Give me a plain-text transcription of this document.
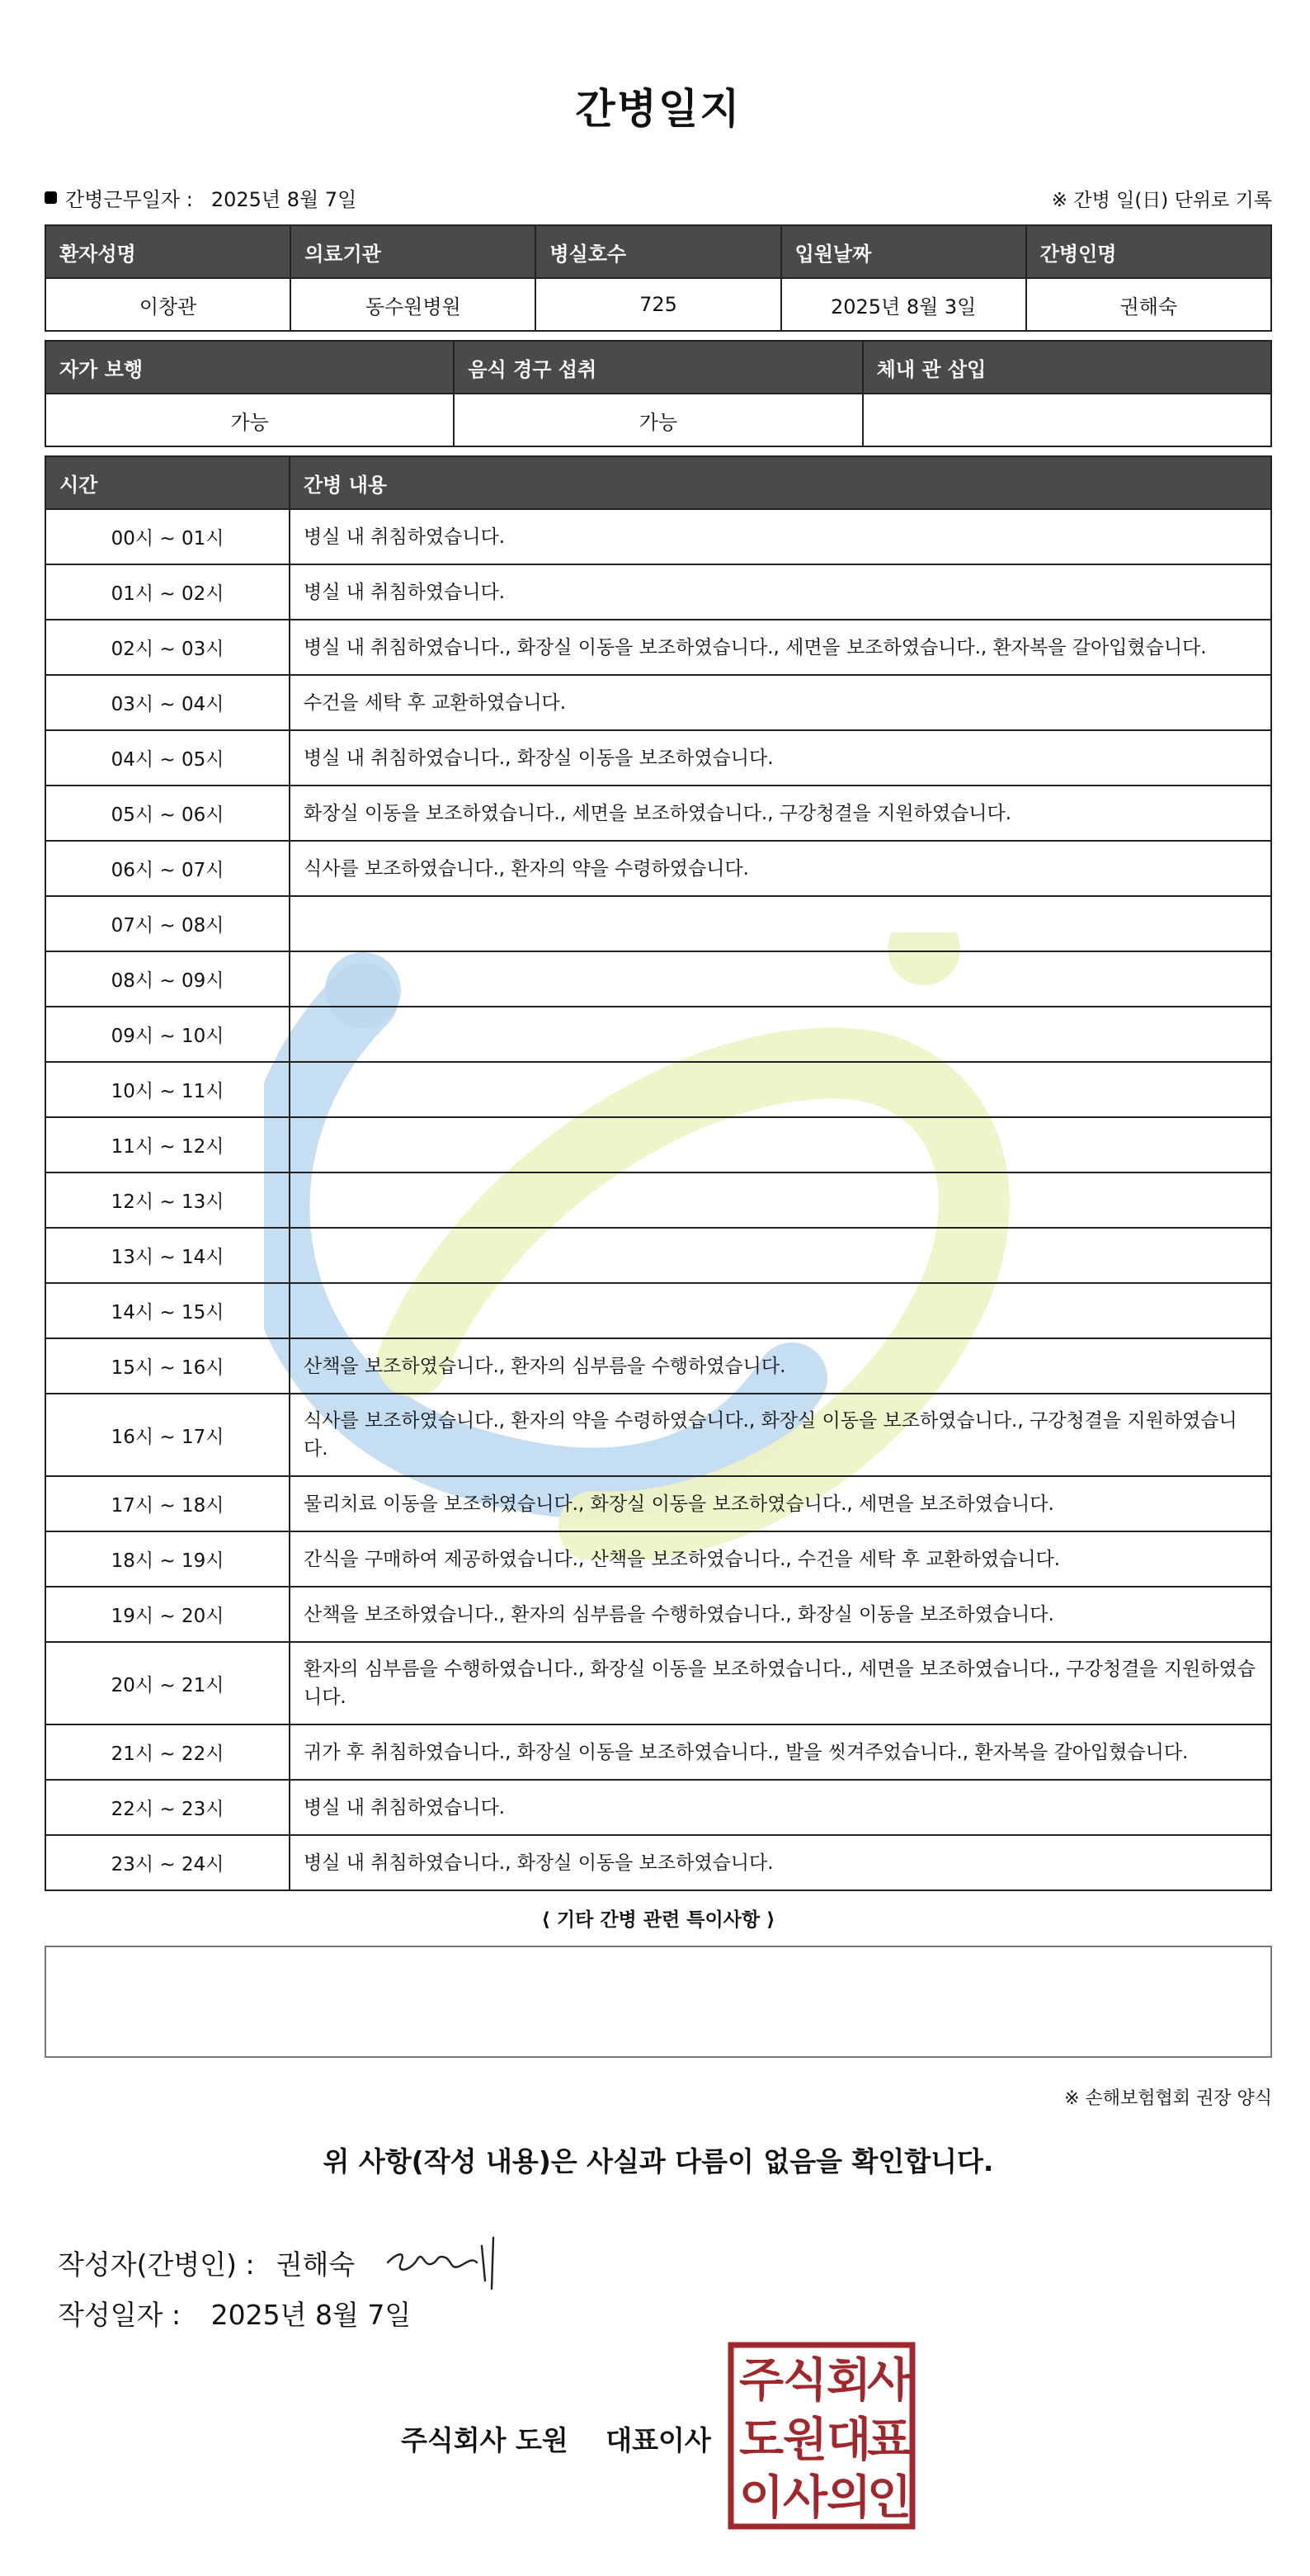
간병일지
간병근무일자 : 2025년 8월 7일	※ 간병 일(日) 단위로 기록
환자성명	의료기관	병실호수	입원날짜	간병인명
이창관	동수원병원	725	2025년 8월 3일	권해숙
자가 보행	음식 경구 섭취	체내 관 삽입
가능	가능	
시간	간병 내용
00시 ~ 01시	병실 내 취침하였습니다.
01시 ~ 02시	병실 내 취침하였습니다.
02시 ~ 03시	병실 내 취침하였습니다., 화장실 이동을 보조하였습니다., 세면을 보조하였습니다., 환자복을 갈아입혔습니다.
03시 ~ 04시	수건을 세탁 후 교환하였습니다.
04시 ~ 05시	병실 내 취침하였습니다., 화장실 이동을 보조하였습니다.
05시 ~ 06시	화장실 이동을 보조하였습니다., 세면을 보조하였습니다., 구강청결을 지원하였습니다.
06시 ~ 07시	식사를 보조하였습니다., 환자의 약을 수령하였습니다.
07시 ~ 08시	
08시 ~ 09시	
09시 ~ 10시	
10시 ~ 11시	
11시 ~ 12시	
12시 ~ 13시	
13시 ~ 14시	
14시 ~ 15시	
15시 ~ 16시	산책을 보조하였습니다., 환자의 심부름을 수행하였습니다.
16시 ~ 17시	식사를 보조하였습니다., 환자의 약을 수령하였습니다., 화장실 이동을 보조하였습니다., 구강청결을 지원하였습니다.
17시 ~ 18시	물리치료 이동을 보조하였습니다., 화장실 이동을 보조하였습니다., 세면을 보조하였습니다.
18시 ~ 19시	간식을 구매하여 제공하였습니다., 산책을 보조하였습니다., 수건을 세탁 후 교환하였습니다.
19시 ~ 20시	산책을 보조하였습니다., 환자의 심부름을 수행하였습니다., 화장실 이동을 보조하였습니다.
20시 ~ 21시	환자의 심부름을 수행하였습니다., 화장실 이동을 보조하였습니다., 세면을 보조하였습니다., 구강청결을 지원하였습니다.
21시 ~ 22시	귀가 후 취침하였습니다., 화장실 이동을 보조하였습니다., 발을 씻겨주었습니다., 환자복을 갈아입혔습니다.
22시 ~ 23시	병실 내 취침하였습니다.
23시 ~ 24시	병실 내 취침하였습니다., 화장실 이동을 보조하였습니다.
⟨ 기타 간병 관련 특이사항 ⟩
※ 손해보험협회 권장 양식
위 사항(작성 내용)은 사실과 다름이 없음을 확인합니다.
작성자(간병인) : 권해숙
작성일자 : 2025년 8월 7일
주식회사 도원 대표이사
주
식
회
사
도
원
대
표
이
사
의
인
